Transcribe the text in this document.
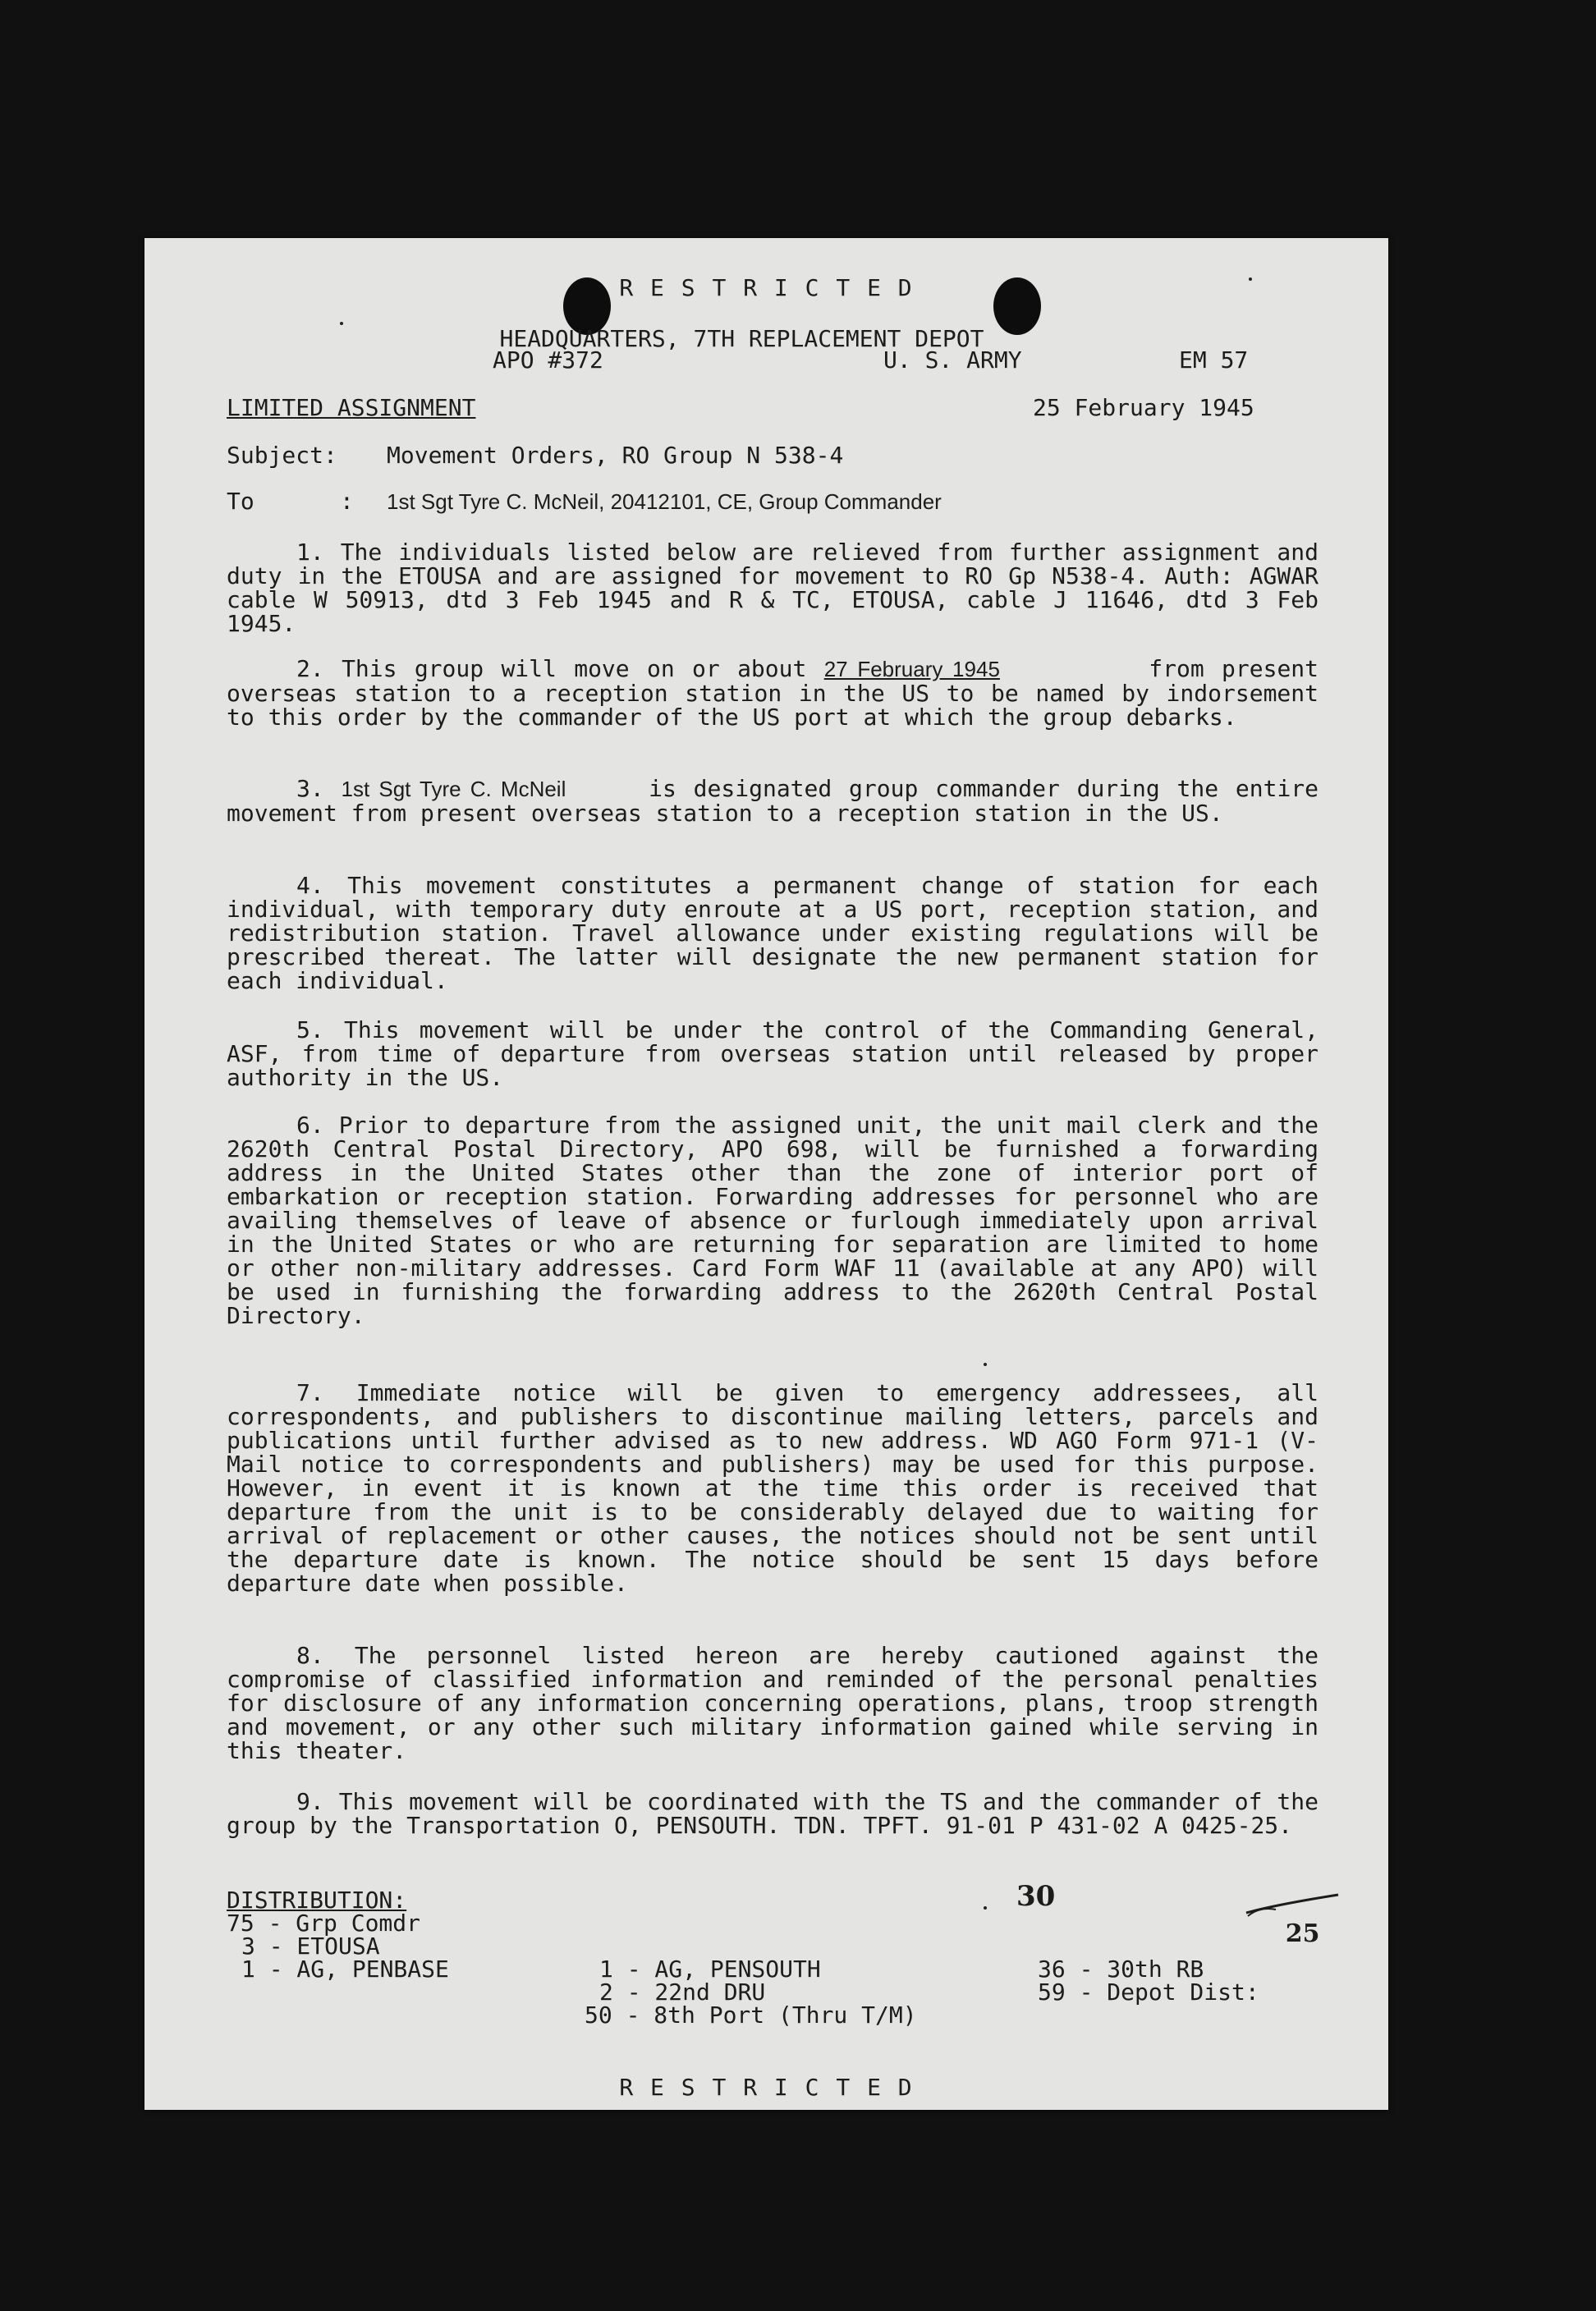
R E S T R I C T E D
HEADQUARTERS, 7TH REPLACEMENT DEPOT
APO #372	U. S. ARMY	EM 57
LIMITED ASSIGNMENT	25 February 1945
Subject: Movement Orders, RO Group N 538-4
To	: 1st Sgt Tyre C. McNeil, 20412101, CE, Group Commander
1. The individuals listed below are relieved from further assignment and duty in the ETOUSA and are assigned for movement to RO Gp N538-4. Auth: AGWAR cable W 50913, dtd 3 Feb 1945 and R & TC, ETOUSA, cable J 11646, dtd 3 Feb 1945.
2. This group will move on or about 27 February 1945	from present overseas station to a reception station in the US to be named by indorsement to this order by the commander of the US port at which the group debarks.
3. 1st Sgt Tyre C. McNeil	is designated group commander during the entire movement from present overseas station to a reception station in the US.
4. This movement constitutes a permanent change of station for each individual, with temporary duty enroute at a US port, reception station, and redistribution station. Travel allowance under existing regulations will be prescribed thereat. The latter will designate the new permanent station for each individual.
5. This movement will be under the control of the Commanding General, ASF, from time of departure from overseas station until released by proper authority in the US.
6. Prior to departure from the assigned unit, the unit mail clerk and the 2620th Central Postal Directory, APO 698, will be furnished a forwarding address in the United States other than the zone of interior port of embarkation or reception station. Forwarding addresses for personnel who are availing themselves of leave of absence or furlough immediately upon arrival in the United States or who are returning for separation are limited to home or other non-military addresses. Card Form WAF 11 (available at any APO) will be used in furnishing the forwarding address to the 2620th Central Postal Directory.
7. Immediate notice will be given to emergency addressees, all correspondents, and publishers to discontinue mailing letters, parcels and publications until further advised as to new address. WD AGO Form 971-1 (V-Mail notice to correspondents and publishers) may be used for this purpose. However, in event it is known at the time this order is received that departure from the unit is to be considerably delayed due to waiting for arrival of replacement or other causes, the notices should not be sent until the departure date is known. The notice should be sent 15 days before departure date when possible.
8. The personnel listed hereon are hereby cautioned against the compromise of classified information and reminded of the personal penalties for disclosure of any information concerning operations, plans, troop strength and movement, or any other such military information gained while serving in this theater.
9. This movement will be coordinated with the TS and the commander of the group by the Transportation O, PENSOUTH. TDN. TPFT. 91-01 P 431-02 A 0425-25.
DISTRIBUTION:
75 - Grp Comdr
3 - ETOUSA
1 - AG, PENBASE	1 - AG, PENSOUTH
2 - 22nd DRU
50 - 8th Port (Thru T/M)
36 - 30th RB
59 - Depot Dist:
30

25

R E S T R I C T E D
